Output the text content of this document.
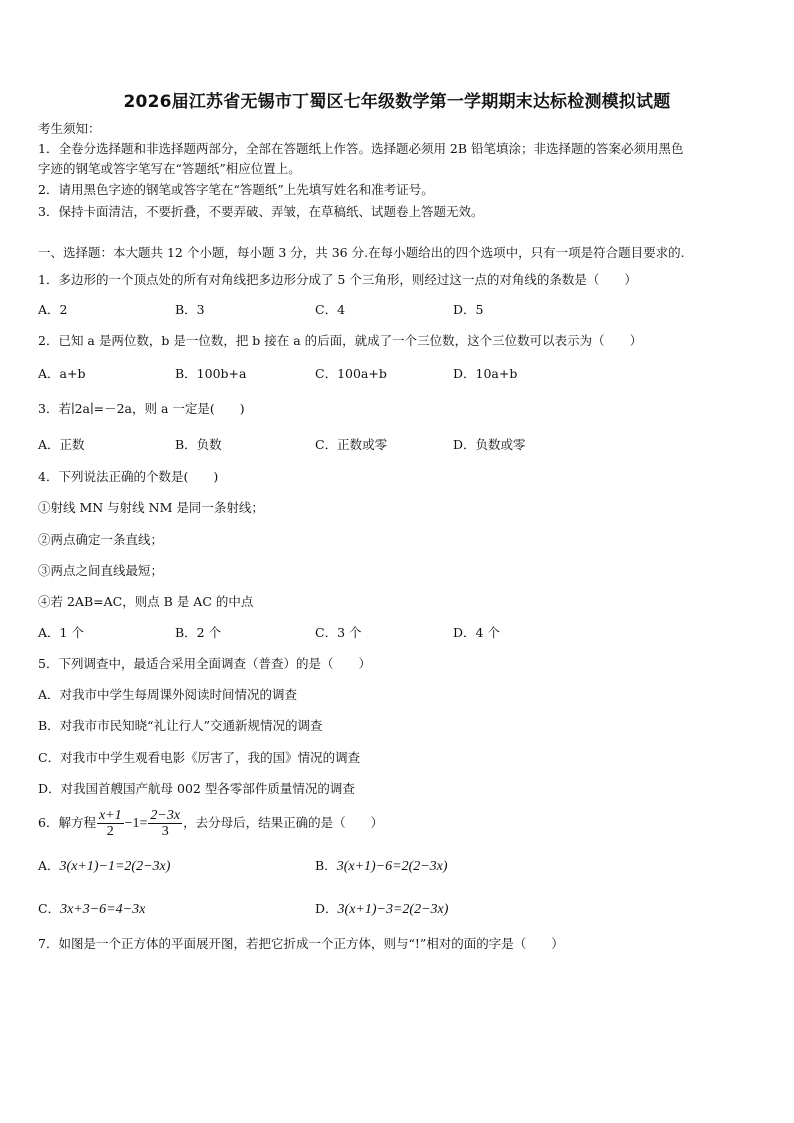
2026届江苏省无锡市丁蜀区七年级数学第一学期期末达标检测模拟试题
考生须知：
1．全卷分选择题和非选择题两部分，全部在答题纸上作答。选择题必须用 2B 铅笔填涂；非选择题的答案必须用黑色
字迹的钢笔或答字笔写在“答题纸”相应位置上。
2．请用黑色字迹的钢笔或答字笔在“答题纸”上先填写姓名和准考证号。
3．保持卡面清洁，不要折叠，不要弄破、弄皱，在草稿纸、试题卷上答题无效。
一、选择题：本大题共 12 个小题，每小题 3 分，共 36 分.在每小题给出的四个选项中，只有一项是符合题目要求的.
1．多边形的一个顶点处的所有对角线把多边形分成了 5 个三角形，则经过这一点的对角线的条数是（　　）
A．2	B．3	C．4	D．5
2．已知 a 是两位数，b 是一位数，把 b 接在 a 的后面，就成了一个三位数，这个三位数可以表示为（　　）
A．a+b	B．100b+a	C．100a+b	D．10a+b
3．若∣2a∣=－2a，则 a 一定是(　　)
A．正数	B．负数	C．正数或零	D．负数或零
4．下列说法正确的个数是(　　)
①射线 MN 与射线 NM 是同一条射线；
②两点确定一条直线；
③两点之间直线最短；
④若 2AB=AC，则点 B 是 AC 的中点
A．1 个	B．2 个	C．3 个	D．4 个
5．下列调查中，最适合采用全面调查（普查）的是（　　）
A．对我市中学生每周课外阅读时间情况的调查
B．对我市市民知晓“礼让行人”交通新规情况的调查
C．对我市中学生观看电影《厉害了，我的国》情况的调查
D．对我国首艘国产航母 002 型各零部件质量情况的调查
6．解方程 $\frac{x+1}{2} -1= \frac{2-3x}{3}$ ，去分母后，结果正确的是（　　）
A．3(x+1)−1=2(2−3x)	B．3(x+1)−6=2(2−3x)
C．3x+3−6=4−3x	D．3(x+1)−3=2(2−3x)
7．如图是一个正方体的平面展开图，若把它折成一个正方体，则与“!”相对的面的字是（　　）
